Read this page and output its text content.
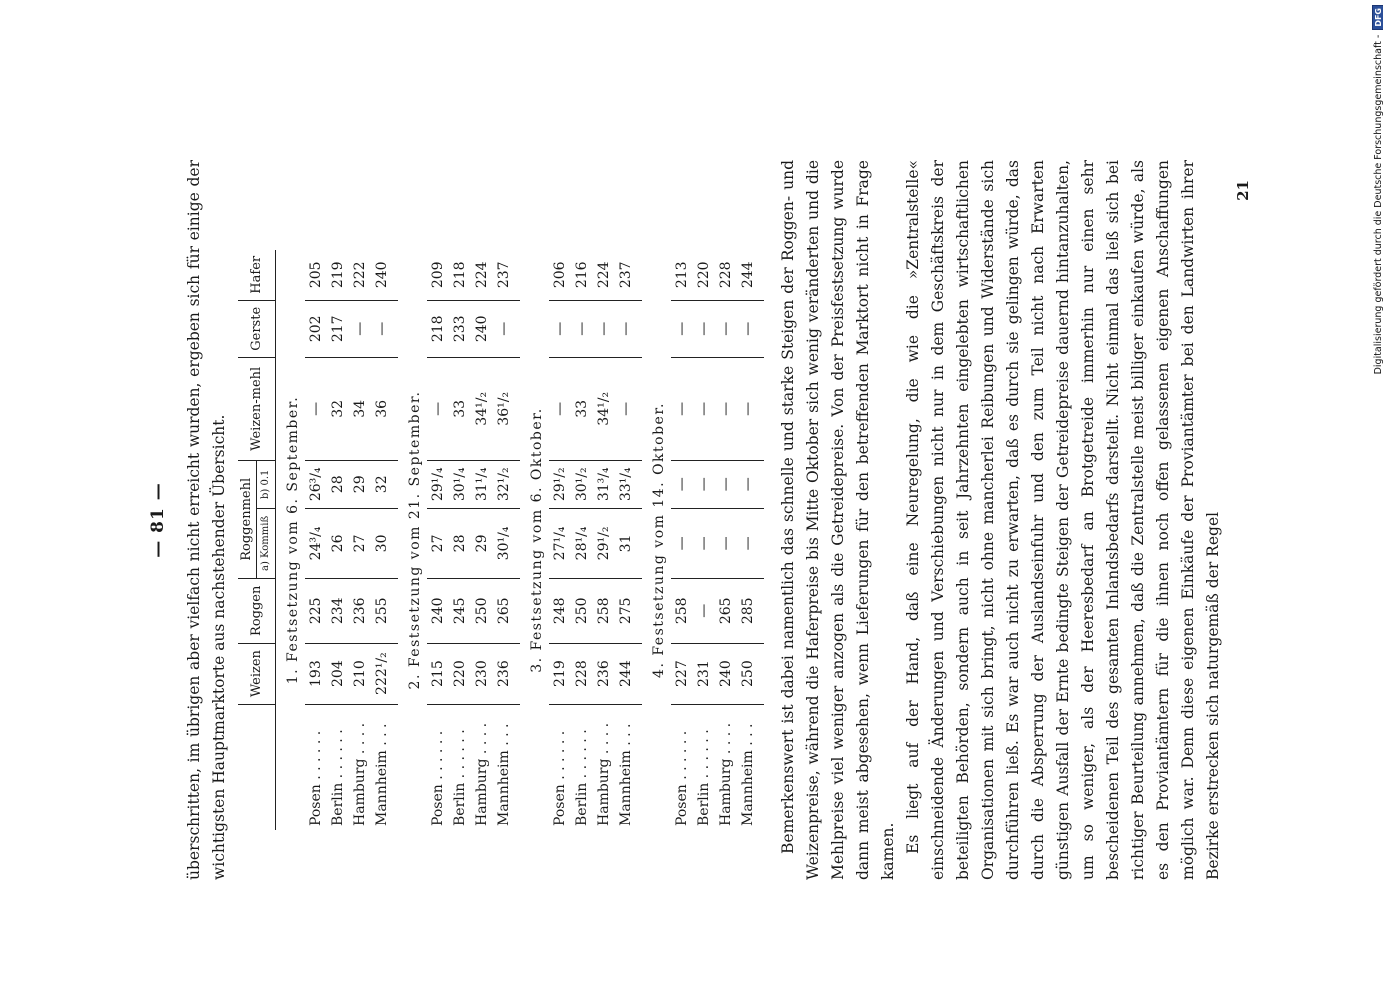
— 81 — überschritten, im übrigen aber vielfach nicht erreicht wurden, ergeben sich für einige der wichtigsten Hauptmarktorte aus nachstehender Übersicht.
		Weizen	Roggen	Roggenmehl		Weizen-mehl	Gerste	Hafer
			a) Kommiß	b) 0.1			
1. Festsetzung vom 6. September.							
Posen . . . . . .	193	225	24³/₄	26³/₄	—	202	205
Berlin . . . . . .	204	234	26	28	32	217	219
Hamburg . . . .	210	236	27	29	34	—	222
Mannheim . . .	222¹/₂	255	30	32	36	—	240
2. Festsetzung vom 21. September.							
Posen . . . . . .	215	240	27	29¹/₄	—	218	209
Berlin . . . . . .	220	245	28	30¹/₄	33	233	218
Hamburg . . . .	230	250	29	31¹/₄	34¹/₂	240	224
Mannheim . . .	236	265	30¹/₄	32¹/₂	36¹/₂	—	237
3. Festsetzung vom 6. Oktober.							
Posen . . . . . .	219	248	27¹/₄	29¹/₂	—	—	206
Berlin . . . . . .	228	250	28¹/₄	30¹/₂	33	—	216
Hamburg . . . .	236	258	29¹/₂	31³/₄	34¹/₂	—	224
Mannheim . . .	244	275	31	33¹/₄	—	—	237
4. Festsetzung vom 14. Oktober.							
Posen . . . . . .	227	258	—	—	—	—	213
Berlin . . . . . .	231	—	—	—	—	—	220
Hamburg . . . .	240	265	—	—	—	—	228
Mannheim . . .	250	285	—	—	—	—	244 Bemerkenswert ist dabei namentlich das schnelle und starke Steigen der Roggen- und Weizenpreise, während die Haferpreise bis Mitte Oktober sich wenig veränderten und die Mehlpreise viel weniger anzogen als die Getreidepreise. Von der Preisfestsetzung wurde dann meist abgesehen, wenn Lieferungen für den betreffenden Marktort nicht in Frage kamen. Es liegt auf der Hand, daß eine Neuregelung, die wie die »Zentralstelle« einschneidende Änderungen und Verschiebungen nicht nur in dem Geschäftskreis der beteiligten Behörden, sondern auch in seit Jahrzehnten eingelebten wirtschaftlichen Organisationen mit sich bringt, nicht ohne mancherlei Reibungen und Widerstände sich durchführen ließ. Es war auch nicht zu erwarten, daß es durch sie gelingen würde, das durch die Absperrung der Auslandseinfuhr und den zum Teil nicht nach Erwarten günstigen Ausfall der Ernte bedingte Steigen der Getreidepreise dauernd hintanzuhalten, um so weniger, als der Heeresbedarf an Brotgetreide immerhin nur einen sehr bescheidenen Teil des gesamten Inlandsbedarfs darstellt. Nicht einmal das ließ sich bei richtiger Beurteilung annehmen, daß die Zentralstelle meist billiger einkaufen würde, als es den Proviantämtern für die ihnen noch offen gelassenen eigenen Anschaffungen möglich war. Denn diese eigenen Einkäufe der Proviantämter bei den Landwirten ihrer Bezirke erstrecken sich naturgemäß der Regel
21	Digitalisierung gefördert durch die Deutsche Forschungsgemeinschaft -
DFG
